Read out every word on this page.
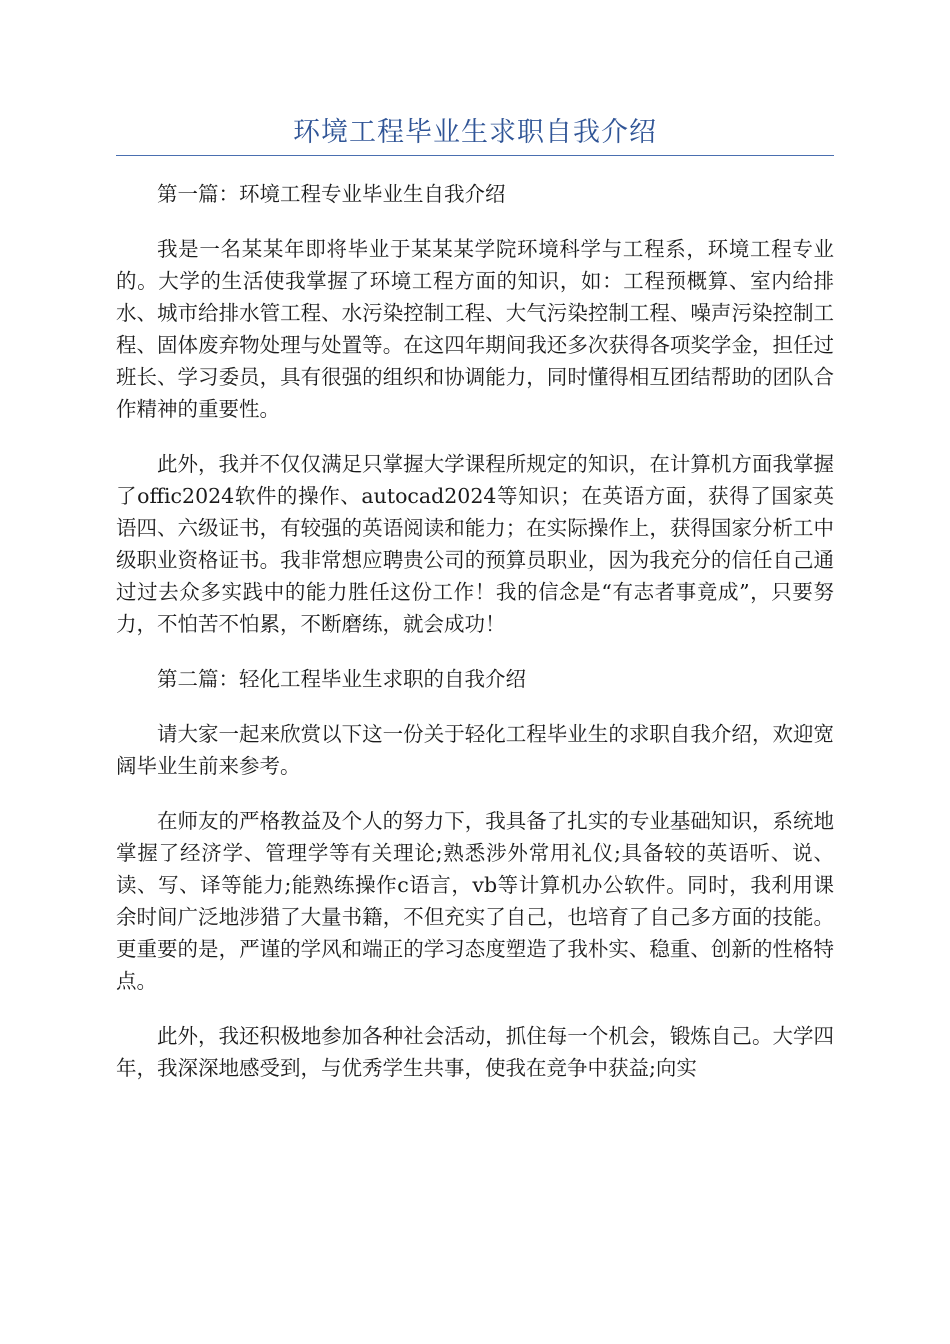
环境工程毕业生求职自我介绍

第一篇：环境工程专业毕业生自我介绍

我是一名某某年即将毕业于某某某学院环境科学与工程系，环境工程专业的。大学的生活使我掌握了环境工程方面的知识，如：工程预概算、室内给排水、城市给排水管工程、水污染控制工程、大气污染控制工程、噪声污染控制工程、固体废弃物处理与处置等。在这四年期间我还多次获得各项奖学金，担任过班长、学习委员，具有很强的组织和协调能力，同时懂得相互团结帮助的团队合作精神的重要性。

此外，我并不仅仅满足只掌握大学课程所规定的知识，在计算机方面我掌握了offic2024软件的操作、autocad2024等知识；在英语方面，获得了国家英语四、六级证书，有较强的英语阅读和能力；在实际操作上，获得国家分析工中级职业资格证书。我非常想应聘贵公司的预算员职业，因为我充分的信任自己通过过去众多实践中的能力胜任这份工作！我的信念是“有志者事竟成”，只要努力，不怕苦不怕累，不断磨练，就会成功！

第二篇：轻化工程毕业生求职的自我介绍

请大家一起来欣赏以下这一份关于轻化工程毕业生的求职自我介绍，欢迎宽阔毕业生前来参考。

在师友的严格教益及个人的努力下，我具备了扎实的专业基础知识，系统地掌握了经济学、管理学等有关理论;熟悉涉外常用礼仪;具备较的英语听、说、读、写、译等能力;能熟练操作c语言，vb等计算机办公软件。同时，我利用课余时间广泛地涉猎了大量书籍，不但充实了自己，也培育了自己多方面的技能。更重要的是，严谨的学风和端正的学习态度塑造了我朴实、稳重、创新的性格特点。

此外，我还积极地参加各种社会活动，抓住每一个机会，锻炼自己。大学四年，我深深地感受到，与优秀学生共事，使我在竞争中获益;向实
